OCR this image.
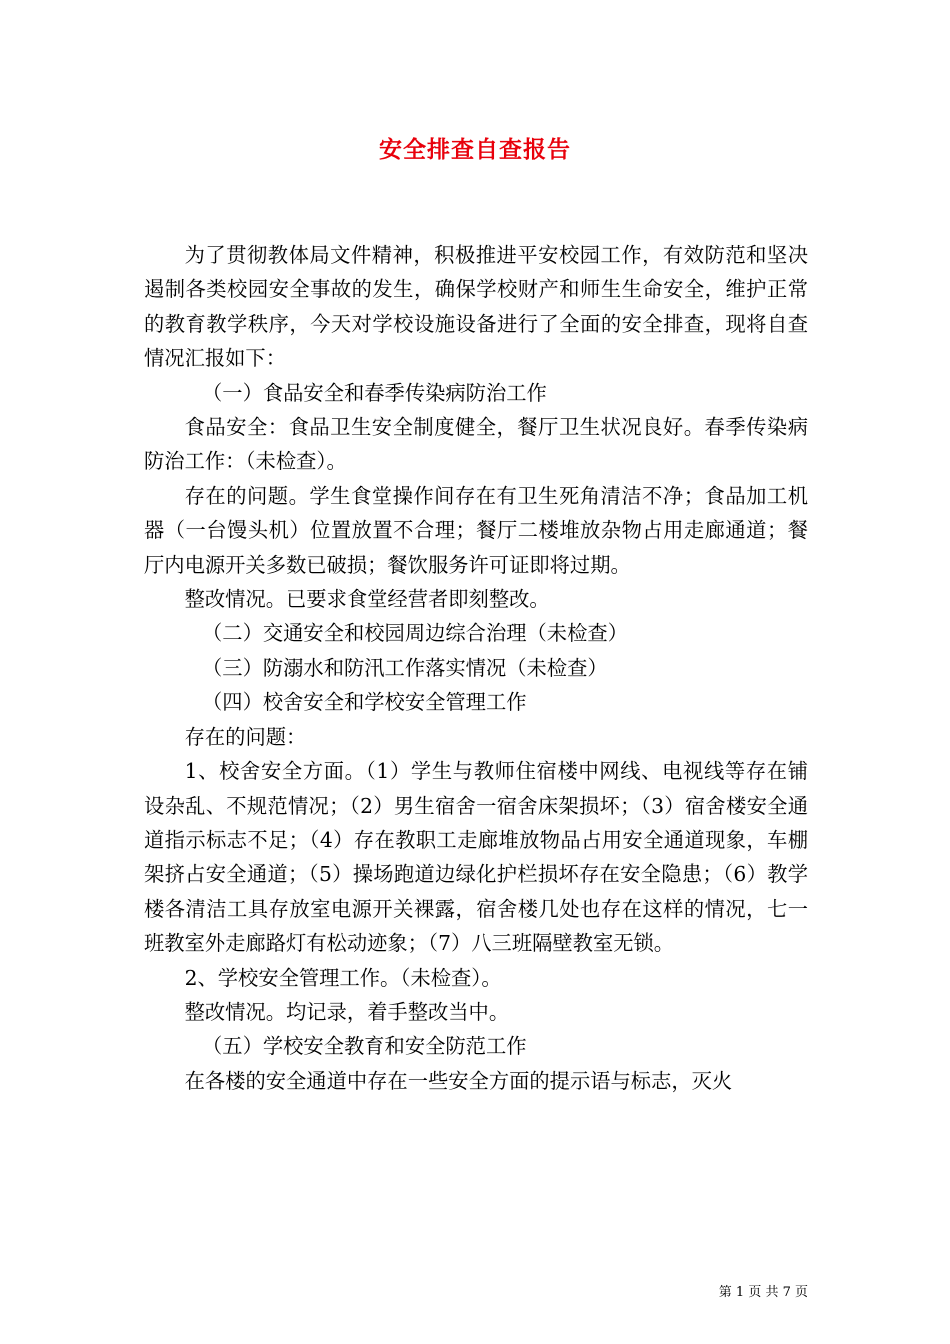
安全排查自查报告

为了贯彻教体局文件精神，积极推进平安校园工作，有效防范和坚决遏制各类校园安全事故的发生，确保学校财产和师生生命安全，维护正常的教育教学秩序，今天对学校设施设备进行了全面的安全排查，现将自查情况汇报如下：

（一）食品安全和春季传染病防治工作

食品安全：食品卫生安全制度健全，餐厅卫生状况良好。春季传染病防治工作：（未检查）。

存在的问题。学生食堂操作间存在有卫生死角清洁不净；食品加工机器（一台馒头机）位置放置不合理；餐厅二楼堆放杂物占用走廊通道；餐厅内电源开关多数已破损；餐饮服务许可证即将过期。

整改情况。已要求食堂经营者即刻整改。

（二）交通安全和校园周边综合治理（未检查）

（三）防溺水和防汛工作落实情况（未检查）

（四）校舍安全和学校安全管理工作

存在的问题：

1、校舍安全方面。（1）学生与教师住宿楼中网线、电视线等存在铺设杂乱、不规范情况；（2）男生宿舍一宿舍床架损坏；（3）宿舍楼安全通道指示标志不足；（4）存在教职工走廊堆放物品占用安全通道现象，车棚架挤占安全通道；（5）操场跑道边绿化护栏损坏存在安全隐患；（6）教学楼各清洁工具存放室电源开关裸露，宿舍楼几处也存在这样的情况，七一班教室外走廊路灯有松动迹象；（7）八三班隔壁教室无锁。

2、学校安全管理工作。（未检查）。

整改情况。均记录，着手整改当中。

（五）学校安全教育和安全防范工作

在各楼的安全通道中存在一些安全方面的提示语与标志，灭火

第 1 页 共 7 页
